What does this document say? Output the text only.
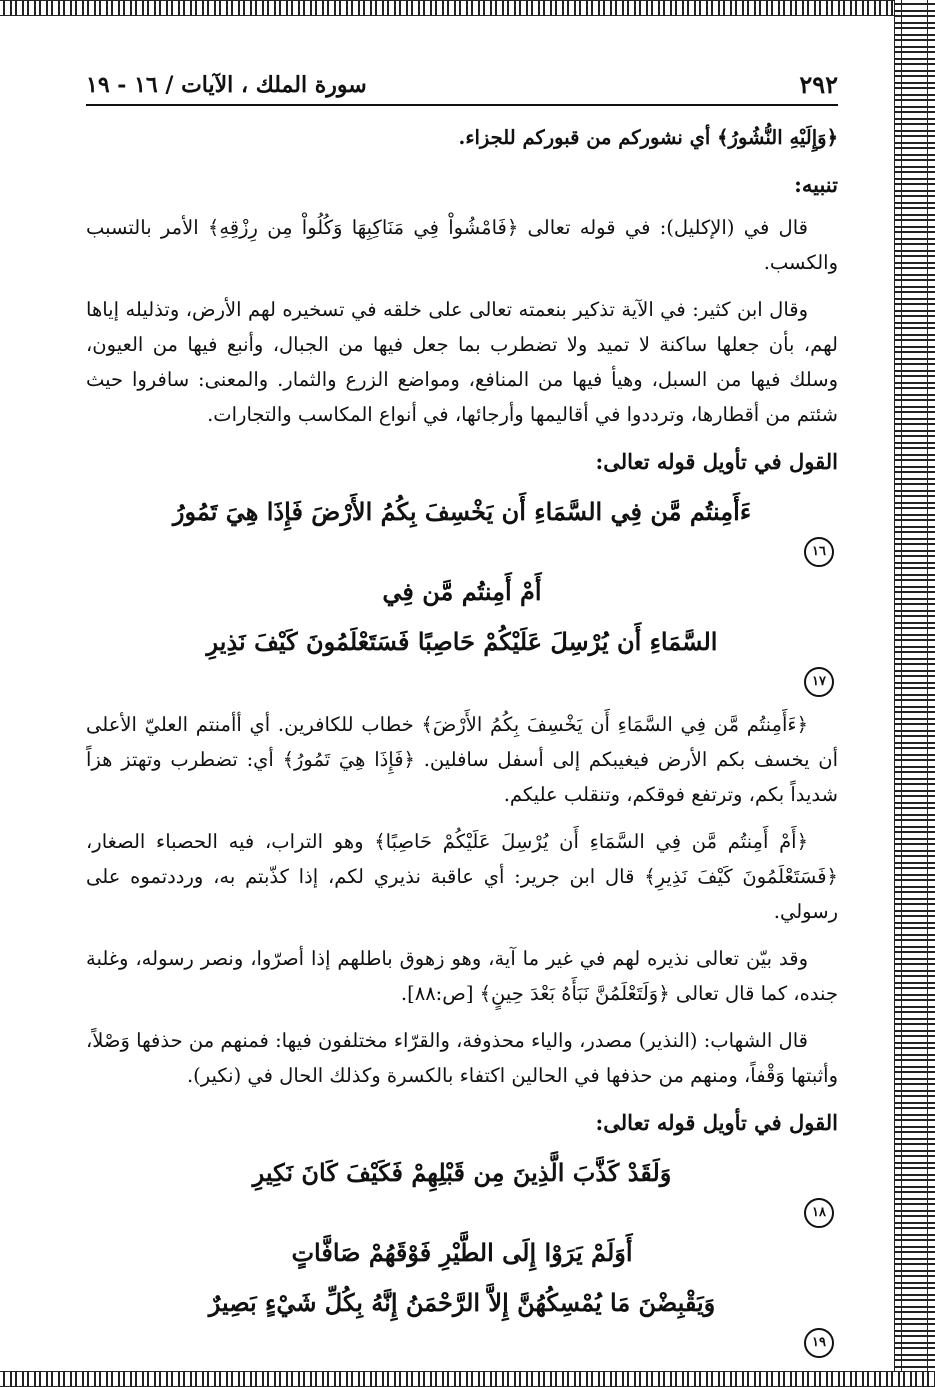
٢٩٢
سورة الملك ، الآيات / ١٦ - ١٩

﴿وَإِلَيْهِ النُّشُورُ﴾ أي نشوركم من قبوركم للجزاء.

تنبيه:

قال في (الإكليل): في قوله تعالى ﴿فَامْشُواْ فِي مَنَاكِبِهَا وَكُلُواْ مِن رِزْقِهِ﴾ الأمر بالتسبب والكسب.

وقال ابن كثير: في الآية تذكير بنعمته تعالى على خلقه في تسخيره لهم الأرض، وتذليله إياها لهم، بأن جعلها ساكنة لا تميد ولا تضطرب بما جعل فيها من الجبال، وأنبع فيها من العيون، وسلك فيها من السبل، وهيأ فيها من المنافع، ومواضع الزرع والثمار. والمعنى: سافروا حيث شئتم من أقطارها، وترددوا في أقاليمها وأرجائها، في أنواع المكاسب والتجارات.

القول في تأويل قوله تعالى:

ءَأَمِنتُم مَّن فِي السَّمَاءِ أَن يَخْسِفَ بِكُمُ الأَرْضَ فَإِذَا هِيَ تَمُورُ
١٦
أَمْ أَمِنتُم مَّن فِي
السَّمَاءِ أَن يُرْسِلَ عَلَيْكُمْ حَاصِبًا فَسَتَعْلَمُونَ كَيْفَ نَذِيرِ
١٧

﴿ءَأَمِنتُم مَّن فِي السَّمَاءِ أَن يَخْسِفَ بِكُمُ الأَرْضَ﴾ خطاب للكافرين. أي أأمنتم العليّ الأعلى أن يخسف بكم الأرض فيغيبكم إلى أسفل سافلين. ﴿فَإِذَا هِيَ تَمُورُ﴾ أي: تضطرب وتهتز هزاً شديداً بكم، وترتفع فوقكم، وتنقلب عليكم.

﴿أَمْ أَمِنتُم مَّن فِي السَّمَاءِ أَن يُرْسِلَ عَلَيْكُمْ حَاصِبًا﴾ وهو التراب، فيه الحصباء الصغار، ﴿فَسَتَعْلَمُونَ كَيْفَ نَذِيرِ﴾ قال ابن جرير: أي عاقبة نذيري لكم، إذا كذّبتم به، ورددتموه على رسولي.

وقد بيّن تعالى نذيره لهم في غير ما آية، وهو زهوق باطلهم إذا أصرّوا، ونصر رسوله، وغلبة جنده، كما قال تعالى ﴿وَلَتَعْلَمُنَّ نَبَأَهُ بَعْدَ حِينٍ﴾ [ص:٨٨].

قال الشهاب: (النذير) مصدر، والياء محذوفة، والقرّاء مختلفون فيها: فمنهم من حذفها وَصْلاً، وأثبتها وَقْفاً، ومنهم من حذفها في الحالين اكتفاء بالكسرة وكذلك الحال في (نكير).

القول في تأويل قوله تعالى:

وَلَقَدْ كَذَّبَ الَّذِينَ مِن قَبْلِهِمْ فَكَيْفَ كَانَ نَكِيرِ
١٨
أَوَلَمْ يَرَوْا إِلَى الطَّيْرِ فَوْقَهُمْ صَافَّاتٍ
وَيَقْبِضْنَ مَا يُمْسِكُهُنَّ إِلاَّ الرَّحْمَنُ إِنَّهُ بِكُلِّ شَيْءٍ بَصِيرٌ
١٩
